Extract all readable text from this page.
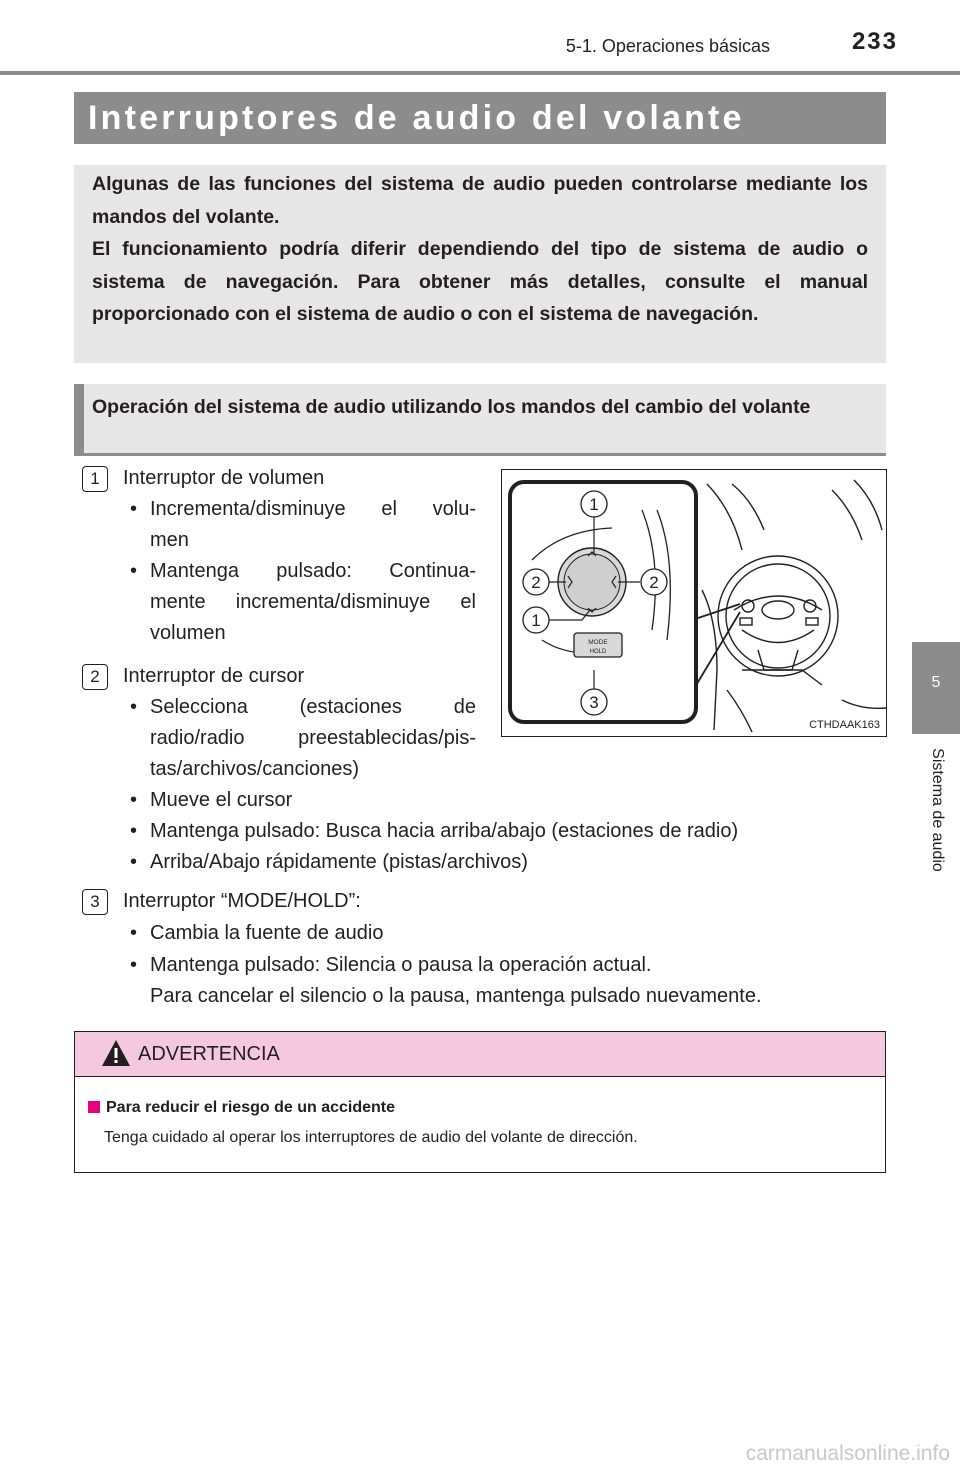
5-1. Operaciones básicas	233
5
Sistema de audio
Interruptores de audio del volante

Algunas de las funciones del sistema de audio pueden controlarse mediante los mandos del volante.

El funcionamiento podría diferir dependiendo del tipo de sistema de audio o sistema de navegación. Para obtener más detalles, consulte el manual proporcionado con el sistema de audio o con el sistema de navegación.

Operación del sistema de audio utilizando los mandos del cambio del volante
1	Interruptor de volumen
• Incrementa/disminuye el volu-
men
• Mantenga pulsado: Continua-
mente incrementa/disminuye el
volumen
2	Interruptor de cursor
• Selecciona (estaciones de
radio/radio preestablecidas/pis-
tas/archivos/canciones)
• Mueve el cursor
• Mantenga pulsado: Busca hacia arriba/abajo (estaciones de radio)
• Arriba/Abajo rápidamente (pistas/archivos)
3	Interruptor “MODE/HOLD”:
• Cambia la fuente de audio
• Mantenga pulsado: Silencia o pausa la operación actual.
Para cancelar el silencio o la pausa, mantenga pulsado nuevamente.
MODE
HOLD
1
2	2
1
3
CTHDAAK163
ADVERTENCIA
Para reducir el riesgo de un accidente
Tenga cuidado al operar los interruptores de audio del volante de dirección.
carmanualsonline.info
